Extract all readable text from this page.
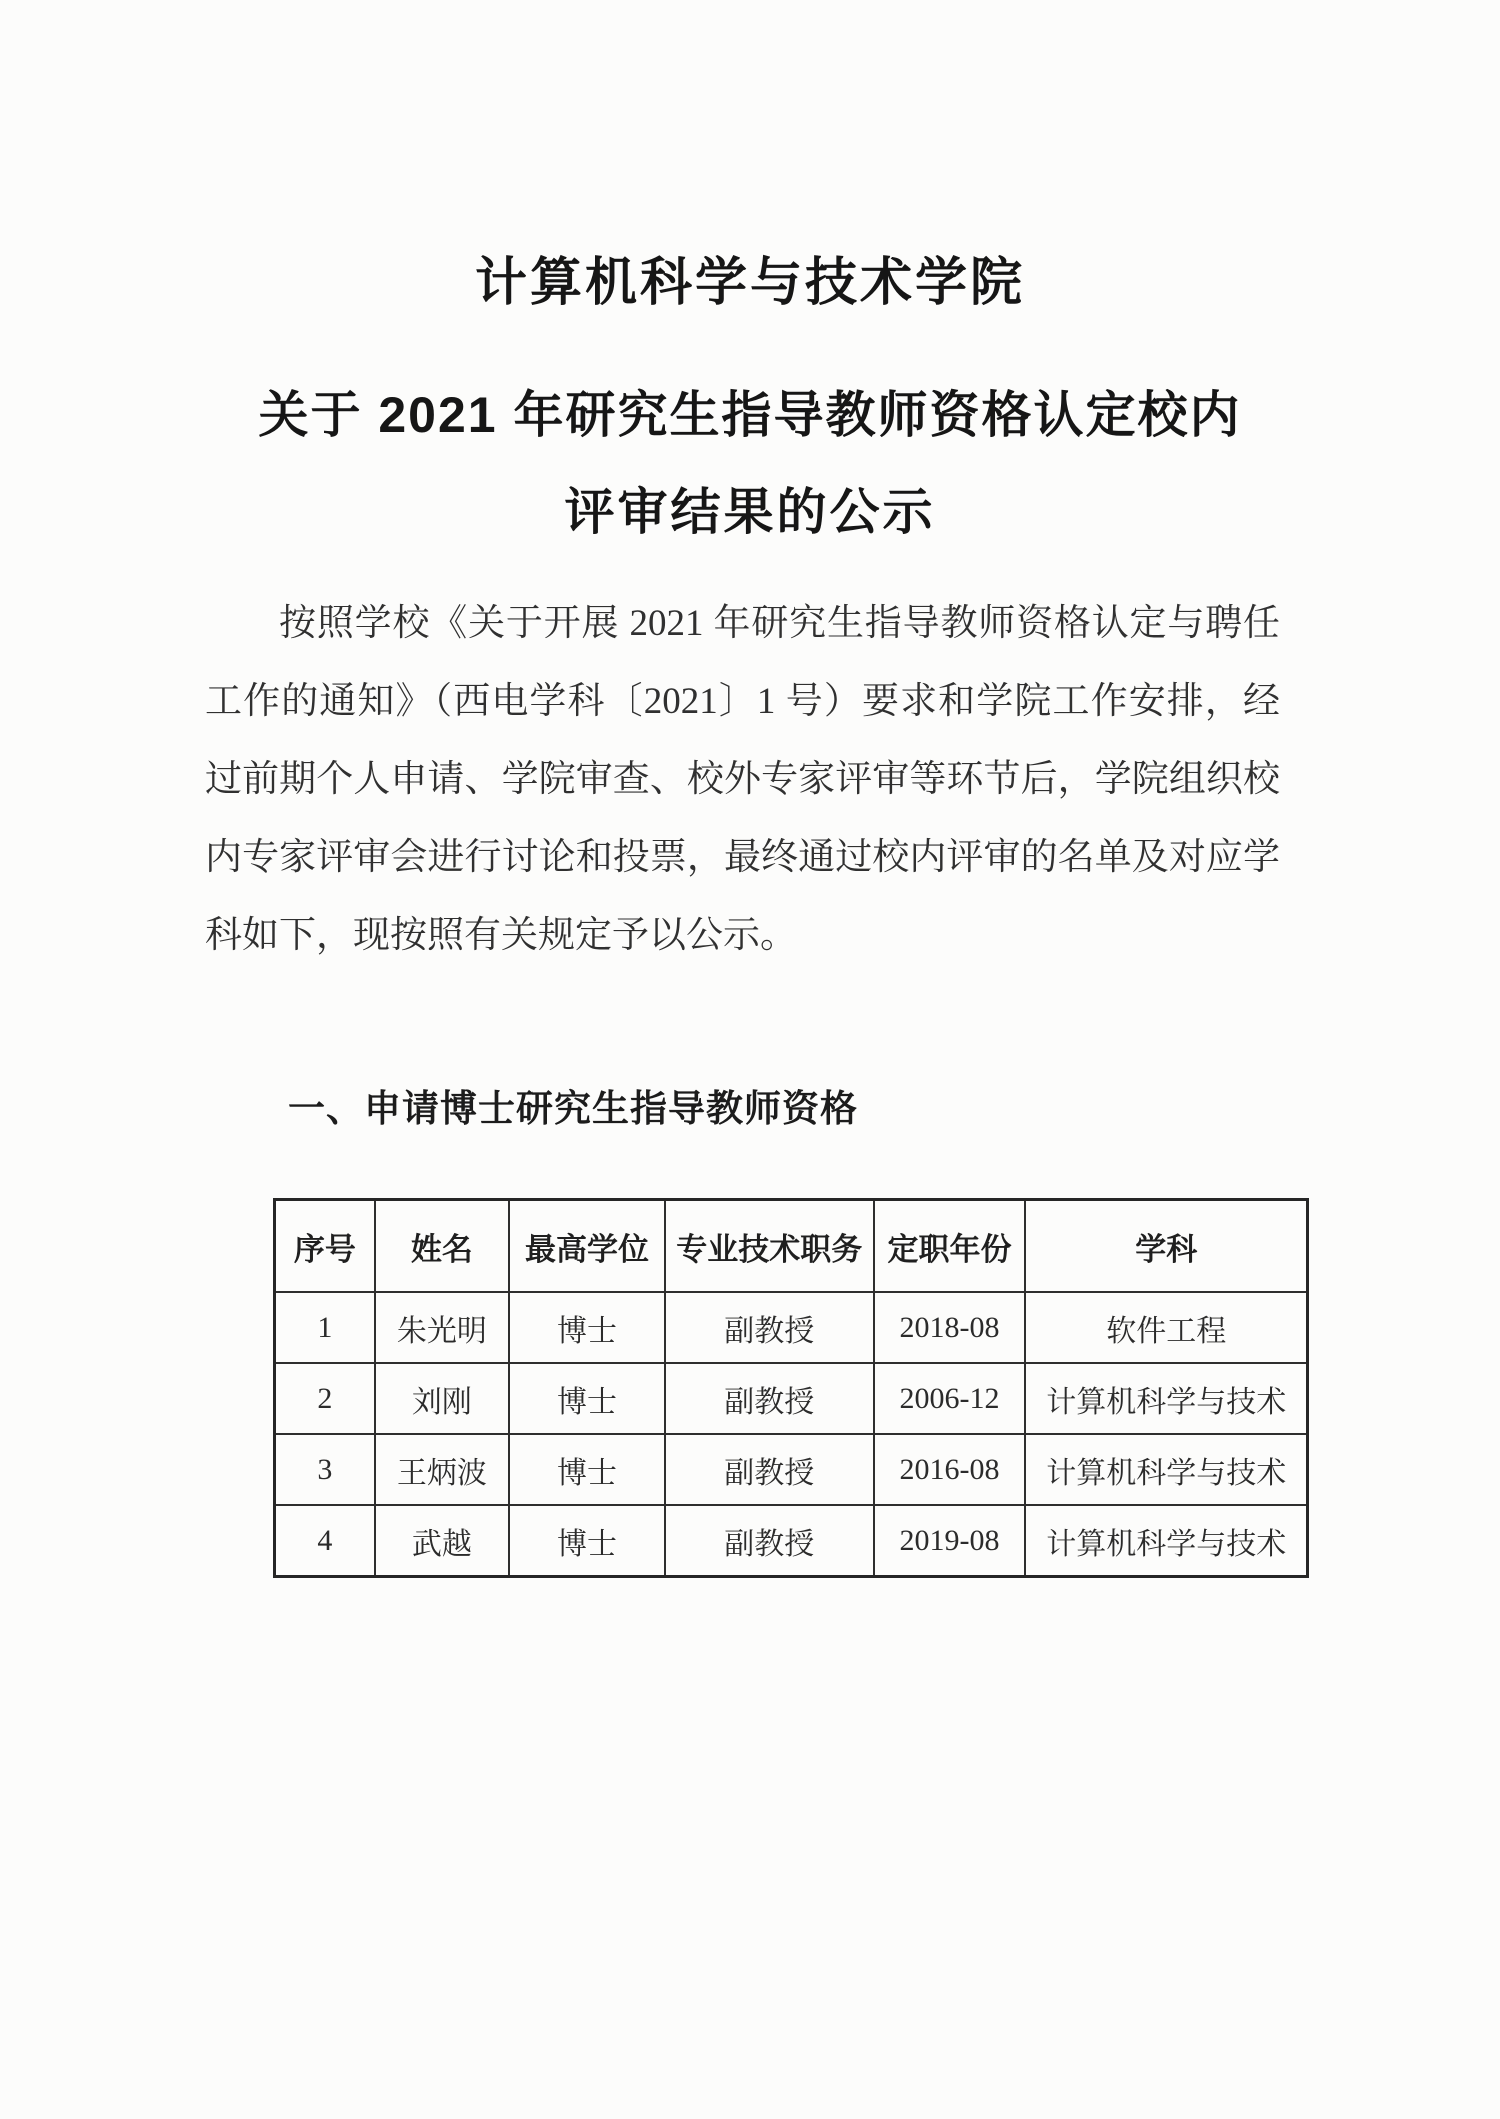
计算机科学与技术学院
关于 2021 年研究生指导教师资格认定校内
评审结果的公示
按照学校《关于开展 2021 年研究生指导教师资格认定与聘任工作的通知》（西电学科〔2021〕1 号）要求和学院工作安排，经过前期个人申请、学院审查、校外专家评审等环节后，学院组织校内专家评审会进行讨论和投票，最终通过校内评审的名单及对应学科如下，现按照有关规定予以公示。
一、申请博士研究生指导教师资格
序号	姓名	最高学位	专业技术职务	定职年份	学科
1	朱光明	博士	副教授	2018-08	软件工程
2	刘刚	博士	副教授	2006-12	计算机科学与技术
3	王炳波	博士	副教授	2016-08	计算机科学与技术
4	武越	博士	副教授	2019-08	计算机科学与技术
